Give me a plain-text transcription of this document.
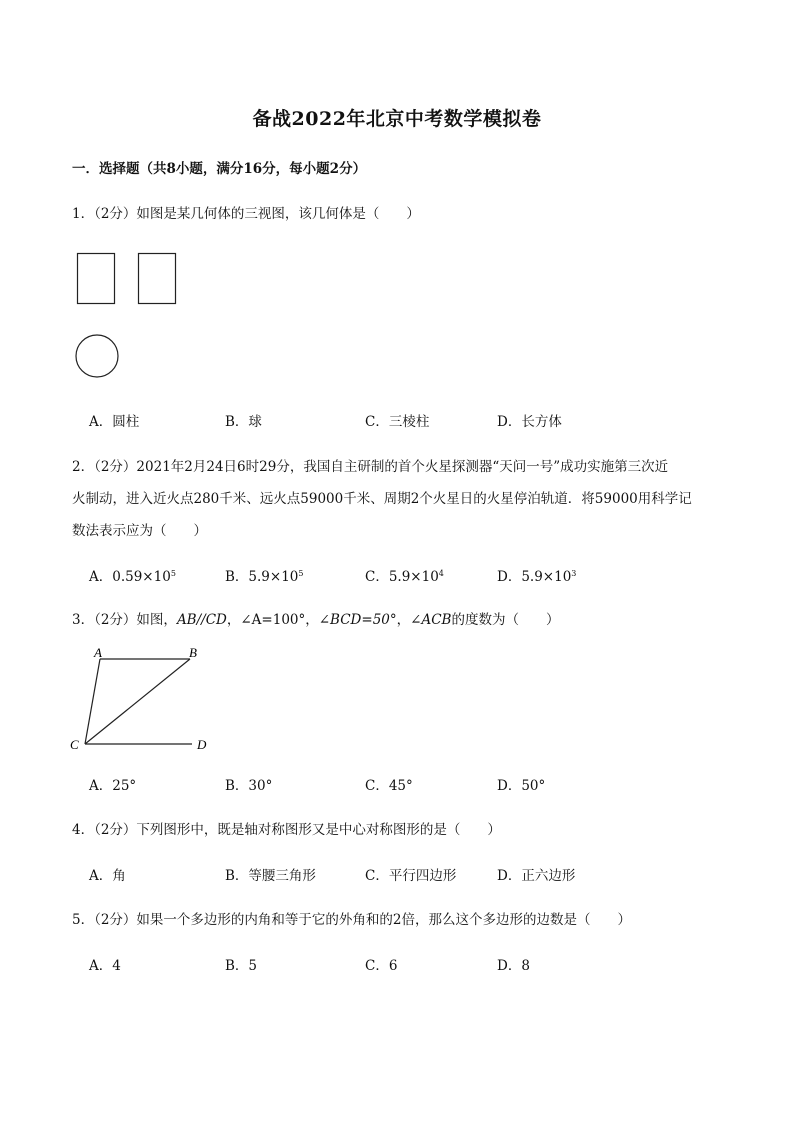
备战2022年北京中考数学模拟卷
一．选择题（共8小题，满分16分，每小题2分）
1．（2分）如图是某几何体的三视图，该几何体是（　　）
A．圆柱	B．球	C．三棱柱	D．长方体
2．（2分）2021年2月24日6时29分，我国自主研制的首个火星探测器“天问一号”成功实施第三次近
火制动，进入近火点280千米、远火点59000千米、周期2个火星日的火星停泊轨道．将59000用科学记
数法表示应为（　　）
A．$0.59\times 10^5$	B．$5.9\times 10^5$	C．$5.9\times 10^4$	D．$5.9\times 10^3$
3．（2分）如图，AB//CD，∠A=100°，∠BCD=50°，∠ACB的度数为（　　）
A	B
C	D
A．25°	B．30°	C．45°	D．50°
4．（2分）下列图形中，既是轴对称图形又是中心对称图形的是（　　）
A．角	B．等腰三角形	C．平行四边形	D．正六边形
5．（2分）如果一个多边形的内角和等于它的外角和的2倍，那么这个多边形的边数是（　　）
A．4	B．5	C．6	D．8
